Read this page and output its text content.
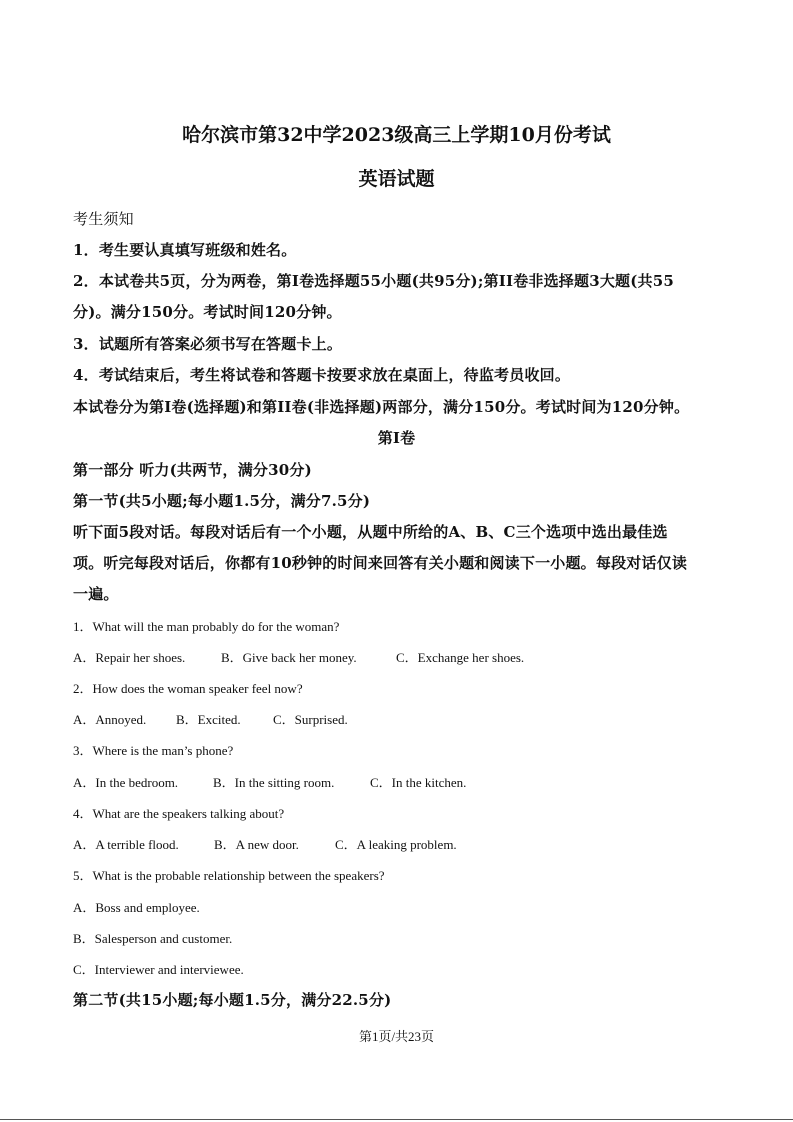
哈尔滨市第32中学2023级高三上学期10月份考试
英语试题
考生须知
1．考生要认真填写班级和姓名。
2．本试卷共5页，分为两卷，第I卷选择题55小题(共95分);第II卷非选择题3大题(共55
分)。满分150分。考试时间120分钟。
3．试题所有答案必须书写在答题卡上。
4．考试结束后，考生将试卷和答题卡按要求放在桌面上，待监考员收回。
本试卷分为第I卷(选择题)和第II卷(非选择题)两部分，满分150分。考试时间为120分钟。
第I卷
第一部分 听力(共两节，满分30分)
第一节(共5小题;每小题1.5分，满分7.5分)
听下面5段对话。每段对话后有一个小题，从题中所给的A、B、C三个选项中选出最佳选
项。听完每段对话后，你都有10秒钟的时间来回答有关小题和阅读下一小题。每段对话仅读
一遍。
1．What will the man probably do for the woman?
A．Repair her shoes.	B．Give back her money.	C．Exchange her shoes.
2．How does the woman speaker feel now?
A．Annoyed. B．Excited. C．Surprised.
3．Where is the man’s phone?
A．In the bedroom.	B．In the sitting room.	C．In the kitchen.
4．What are the speakers talking about?
A．A terrible flood.	B．A new door.	C．A leaking problem.
5．What is the probable relationship between the speakers?
A．Boss and employee.
B．Salesperson and customer.
C．Interviewer and interviewee.
第二节(共15小题;每小题1.5分，满分22.5分)
第1页/共23页
